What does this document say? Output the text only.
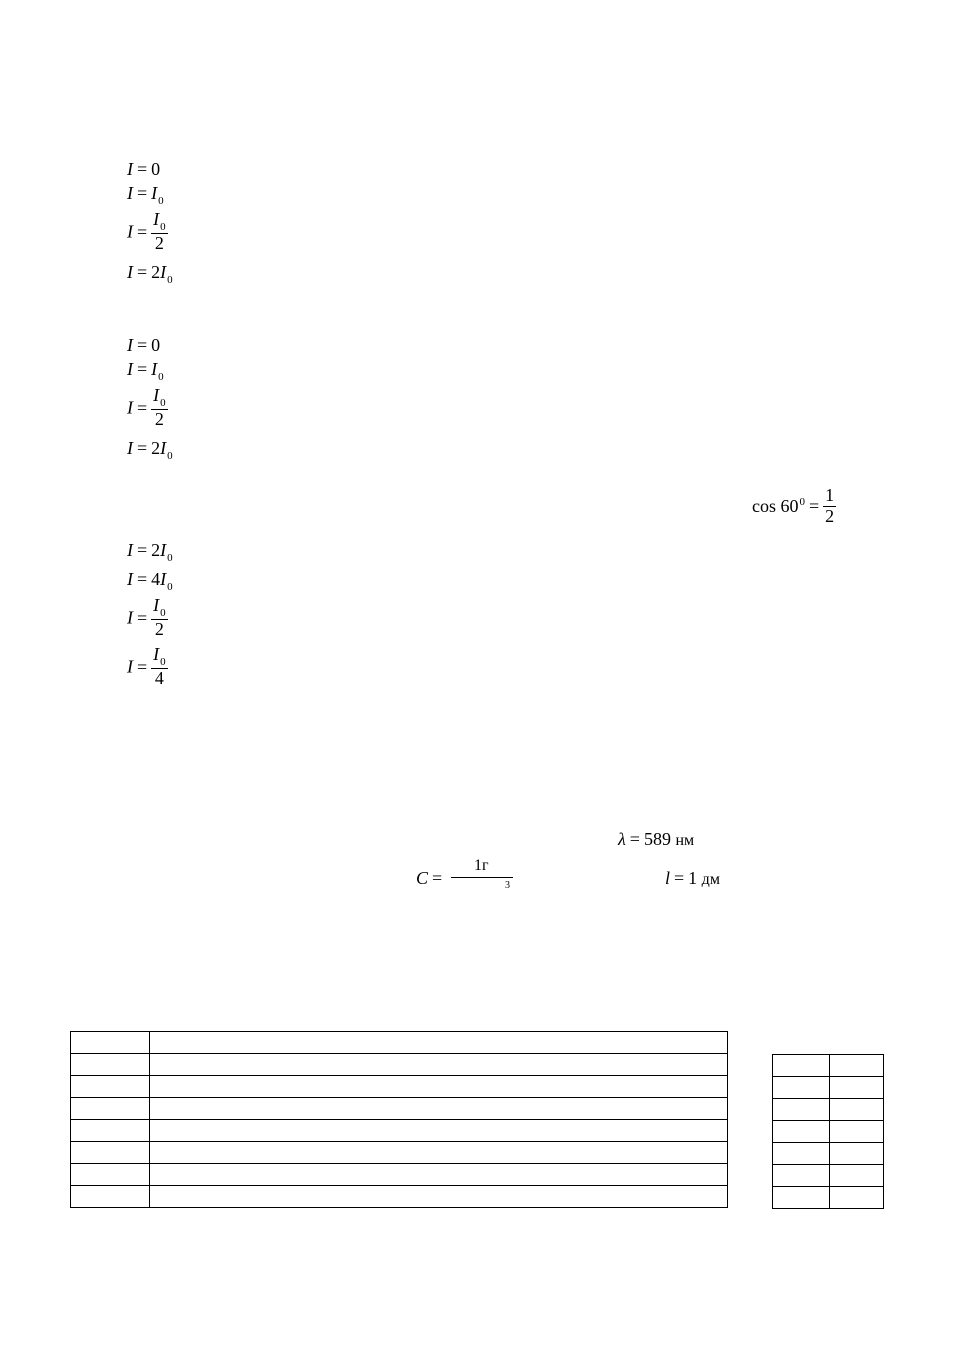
I = 0
$I = I_0$
$I = \frac{I_0}{2}$
$I = 2I_0$
I = 0
$I = I_0$
$I = \frac{I_0}{2}$
$I = 2I_0$
$\cos 60^0 = \frac{1}{2}$
$I = 2I_0$
$I = 4I_0$
$I = \frac{I_0}{2}$
$I = \frac{I_0}{4}$
λ = 589 нм
C =
1г
3	l = 1 дм
